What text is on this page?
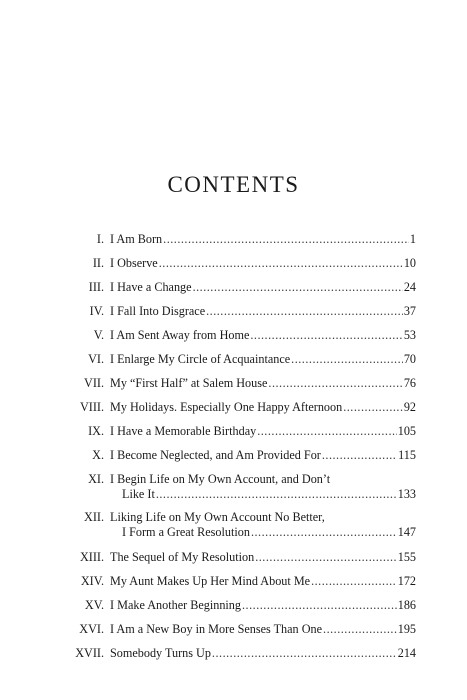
CONTENTS
I. I Am Born .....	1
II. I Observe .....	10
III. I Have a Change .....	24
IV. I Fall Into Disgrace .....	37
V. I Am Sent Away from Home .....	53
VI. I Enlarge My Circle of Acquaintance .....	70
VII. My “First Half” at Salem House .....	76
VIII. My Holidays. Especially One Happy Afternoon .....	92
IX. I Have a Memorable Birthday .....	105
X. I Become Neglected, and Am Provided For .....	115
XI. I Begin Life on My Own Account, and Don’t
Like It .....	133
XII. Liking Life on My Own Account No Better,
I Form a Great Resolution .....	147
XIII. The Sequel of My Resolution .....	155
XIV. My Aunt Makes Up Her Mind About Me .....	172
XV. I Make Another Beginning .....	186
XVI. I Am a New Boy in More Senses Than One .....	195
XVII. Somebody Turns Up .....	214
